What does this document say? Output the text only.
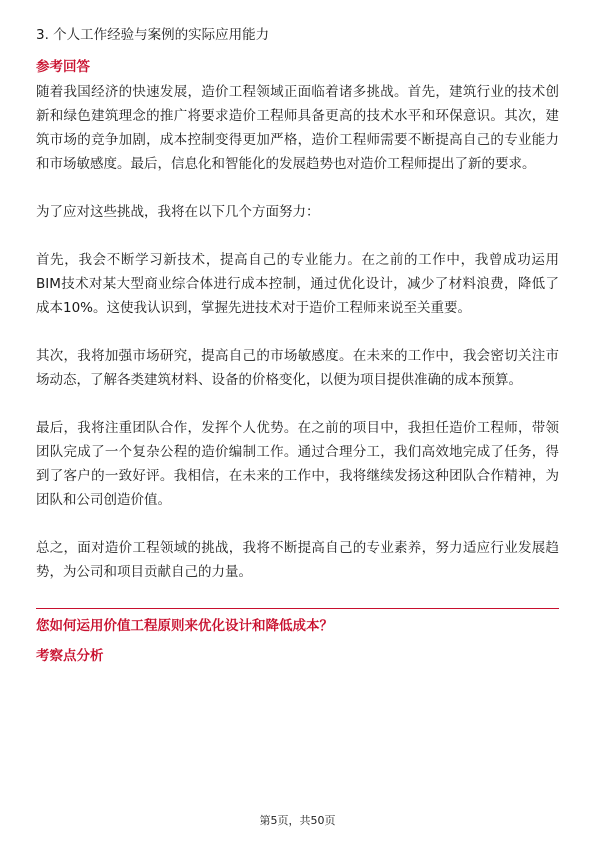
3. 个人工作经验与案例的实际应用能力
参考回答

随着我国经济的快速发展，造价工程领域正面临着诸多挑战。首先，建筑行业的技术创新和绿色建筑理念的推广将要求造价工程师具备更高的技术水平和环保意识。其次，建筑市场的竞争加剧，成本控制变得更加严格，造价工程师需要不断提高自己的专业能力和市场敏感度。最后，信息化和智能化的发展趋势也对造价工程师提出了新的要求。

为了应对这些挑战，我将在以下几个方面努力：

首先，我会不断学习新技术，提高自己的专业能力。在之前的工作中，我曾成功运用BIM技术对某大型商业综合体进行成本控制，通过优化设计，减少了材料浪费，降低了成本10%。这使我认识到，掌握先进技术对于造价工程师来说至关重要。

其次，我将加强市场研究，提高自己的市场敏感度。在未来的工作中，我会密切关注市场动态，了解各类建筑材料、设备的价格变化，以便为项目提供准确的成本预算。

最后，我将注重团队合作，发挥个人优势。在之前的项目中，我担任造价工程师，带领团队完成了一个复杂公程的造价编制工作。通过合理分工，我们高效地完成了任务，得到了客户的一致好评。我相信，在未来的工作中，我将继续发扬这种团队合作精神，为团队和公司创造价值。

总之，面对造价工程领域的挑战，我将不断提高自己的专业素养，努力适应行业发展趋势，为公司和项目贡献自己的力量。

您如何运用价值工程原则来优化设计和降低成本？
考察点分析
第5页，共50页
